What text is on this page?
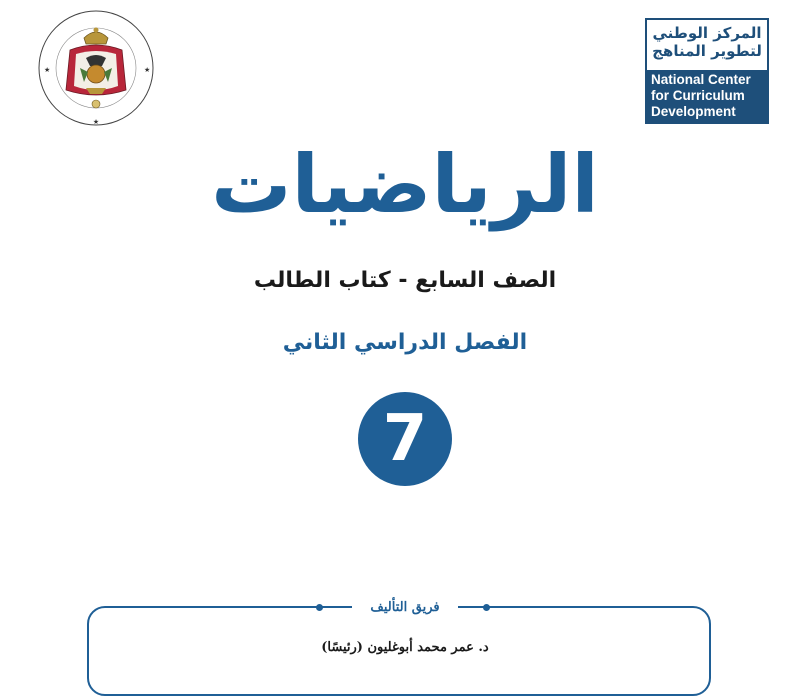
★
★	★
المركز الوطني
لتطوير المناهج
National Center
for Curriculum
Development
الرياضيات
الصف السابع - كتاب الطالب
الفصل الدراسي الثاني
7
فريق التأليف
د. عمر محمد أبوغليون (رئيسًا)
